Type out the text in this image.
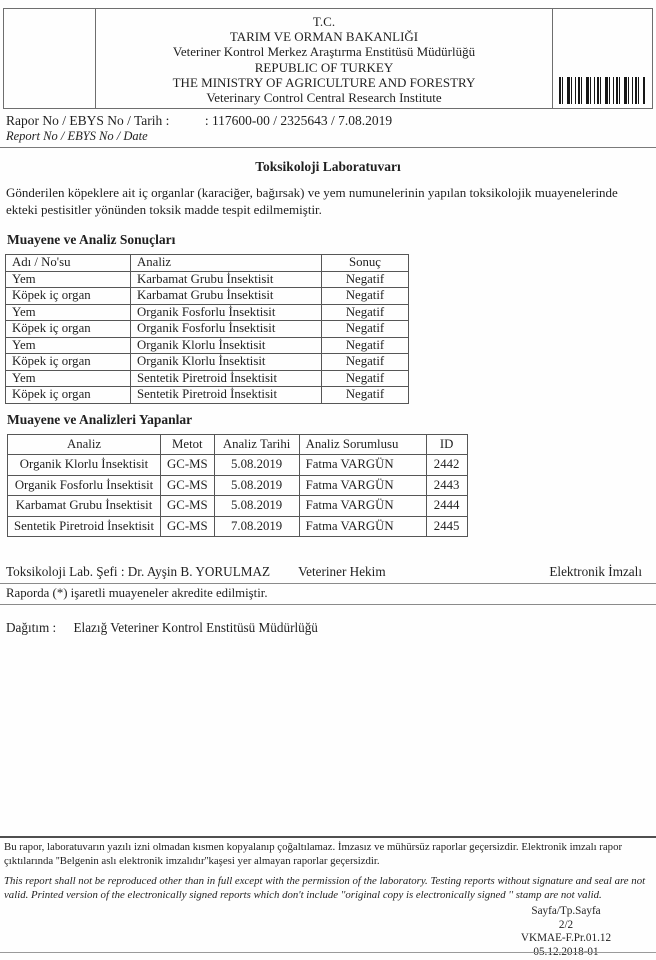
T.C.
TARIM VE ORMAN BAKANLIĞI
Veteriner Kontrol Merkez Araştırma Enstitüsü Müdürlüğü
REPUBLIC OF TURKEY
THE MINISTRY OF AGRICULTURE AND FORESTRY
Veterinary Control Central Research Institute
Rapor No / EBYS No / Tarih :	: 117600-00 / 2325643 / 7.08.2019
Report No / EBYS No / Date
Toksikoloji Laboratuvarı
Gönderilen köpeklere ait iç organlar (karaciğer, bağırsak) ve yem numunelerinin yapılan toksikolojik muayenelerinde
ekteki pestisitler yönünden toksik madde tespit edilmemiştir.
Muayene ve Analiz Sonuçları
Adı / No'su	Analiz	Sonuç
Yem	Karbamat Grubu İnsektisit	Negatif
Köpek iç organ	Karbamat Grubu İnsektisit	Negatif
Yem	Organik Fosforlu İnsektisit	Negatif
Köpek iç organ	Organik Fosforlu İnsektisit	Negatif
Yem	Organik Klorlu İnsektisit	Negatif
Köpek iç organ	Organik Klorlu İnsektisit	Negatif
Yem	Sentetik Piretroid İnsektisit	Negatif
Köpek iç organ	Sentetik Piretroid İnsektisit	Negatif
Muayene ve Analizleri Yapanlar
Analiz	Metot	Analiz Tarihi	Analiz Sorumlusu	ID
Organik Klorlu İnsektisit	GC-MS	5.08.2019	Fatma VARGÜN	2442
Organik Fosforlu İnsektisit	GC-MS	5.08.2019	Fatma VARGÜN	2443
Karbamat Grubu İnsektisit	GC-MS	5.08.2019	Fatma VARGÜN	2444
Sentetik Piretroid İnsektisit	GC-MS	7.08.2019	Fatma VARGÜN	2445
Toksikoloji Lab. Şefi : Dr. Ayşin B. YORULMAZ Veteriner Hekim	Elektronik İmzalı
Raporda (*) işaretli muayeneler akredite edilmiştir.
Dağıtım : Elazığ Veteriner Kontrol Enstitüsü Müdürlüğü
Bu rapor, laboratuvarın yazılı izni olmadan kısmen kopyalanıp çoğaltılamaz. İmzasız ve mühürsüz raporlar geçersizdir. Elektronik imzalı rapor çıktılarında ''Belgenin aslı elektronik imzalıdır''kaşesi yer almayan raporlar geçersizdir.
This report shall not be reproduced other than in full except with the permission of the laboratory. Testing reports without signature and seal are not valid. Printed version of the electronically signed reports which don't include ''original copy is electronically signed '' stamp are not valid.
Sayfa/Tp.Sayfa
2/2
VKMAE-F.Pr.01.12
05.12.2018-01
